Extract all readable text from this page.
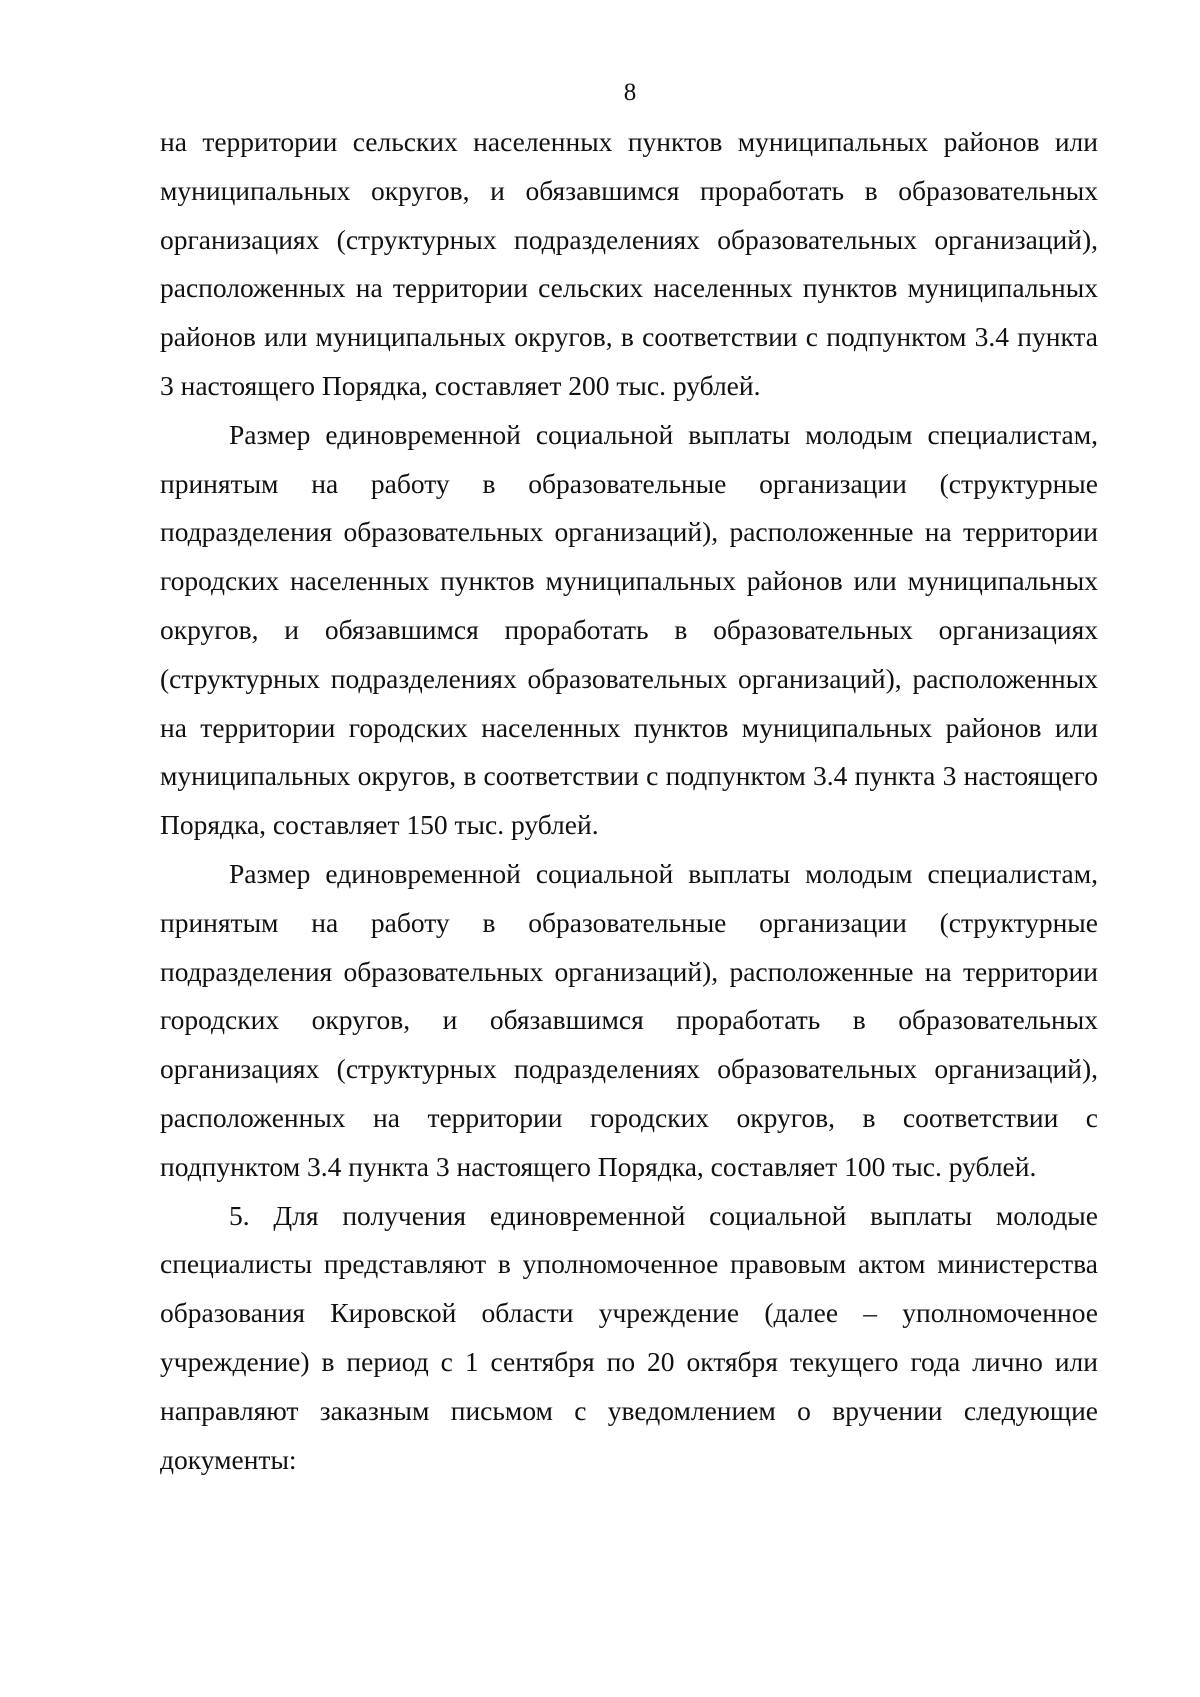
8

на территории сельских населенных пунктов муниципальных районов или муниципальных округов, и обязавшимся проработать в образовательных организациях (структурных подразделениях образовательных организаций), расположенных на территории сельских населенных пунктов муниципальных районов или муниципальных округов, в соответствии с подпунктом 3.4 пункта 3 настоящего Порядка, составляет 200 тыс. рублей.

Размер единовременной социальной выплаты молодым специалистам, принятым на работу в образовательные организации (структурные подразделения образовательных организаций), расположенные на территории городских населенных пунктов муниципальных районов или муниципальных округов, и обязавшимся проработать в образовательных организациях (структурных подразделениях образовательных организаций), расположенных на территории городских населенных пунктов муниципальных районов или муниципальных округов, в соответствии с подпунктом 3.4 пункта 3 настоящего Порядка, составляет 150 тыс. рублей.

Размер единовременной социальной выплаты молодым специалистам, принятым на работу в образовательные организации (структурные подразделения образовательных организаций), расположенные на территории городских округов, и обязавшимся проработать в образовательных организациях (структурных подразделениях образовательных организаций), расположенных на территории городских округов, в соответствии с подпунктом 3.4 пункта 3 настоящего Порядка, составляет 100 тыс. рублей.

5. Для получения единовременной социальной выплаты молодые специалисты представляют в уполномоченное правовым актом министерства образования Кировской области учреждение (далее – уполномоченное учреждение) в период с 1 сентября по 20 октября текущего года лично или направляют заказным письмом с уведомлением о вручении следующие документы:
